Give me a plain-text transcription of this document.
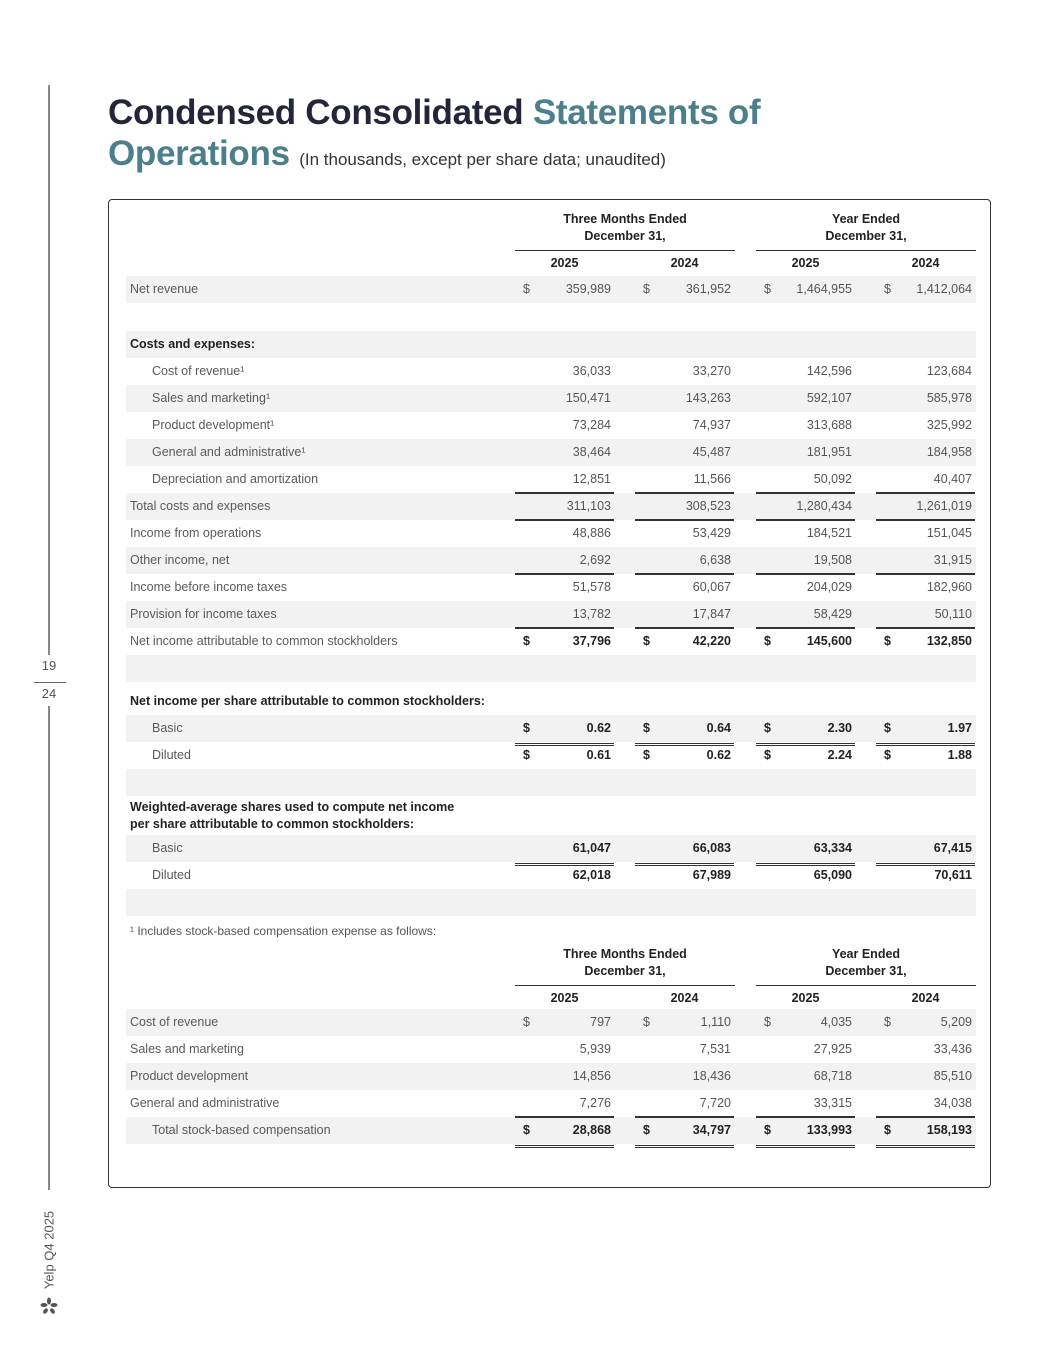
19
24
Yelp Q4 2025
Condensed Consolidated Statements of
Operations (In thousands, except per share data; unaudited)
Three Months Ended
December 31,
Year Ended
December 31,
2025	2024	2025	2024
Net revenue	$	359,989	$	361,952	$ 1,464,955	$ 1,412,064
Costs and expenses:
Cost of revenue¹	36,033	33,270	142,596	123,684
Sales and marketing¹	150,471	143,263	592,107	585,978
Product development¹	73,284	74,937	313,688	325,992
General and administrative¹	38,464	45,487	181,951	184,958
Depreciation and amortization	12,851	11,566	50,092	40,407
Total costs and expenses	311,103	308,523	1,280,434	1,261,019
Income from operations	48,886	53,429	184,521	151,045
Other income, net	2,692	6,638	19,508	31,915
Income before income taxes	51,578	60,067	204,029	182,960
Provision for income taxes	13,782	17,847	58,429	50,110
Net income attributable to common stockholders	$	37,796	$	42,220	$	145,600	$	132,850
Net income per share attributable to common stockholders:
Basic	$	0.62	$	0.64	$	2.30	$	1.97
Diluted	$	0.61	$	0.62	$	2.24	$	1.88
Weighted-average shares used to compute net income
per share attributable to common stockholders:
Basic	61,047	66,083	63,334	67,415
Diluted	62,018	67,989	65,090	70,611
¹ Includes stock-based compensation expense as follows:
Three Months Ended
December 31,
Year Ended
December 31,
2025	2024	2025	2024
Cost of revenue	$	797	$	1,110	$	4,035	$	5,209
Sales and marketing	5,939	7,531	27,925	33,436
Product development	14,856	18,436	68,718	85,510
General and administrative	7,276	7,720	33,315	34,038
Total stock-based compensation	$	28,868	$	34,797	$	133,993	$	158,193
